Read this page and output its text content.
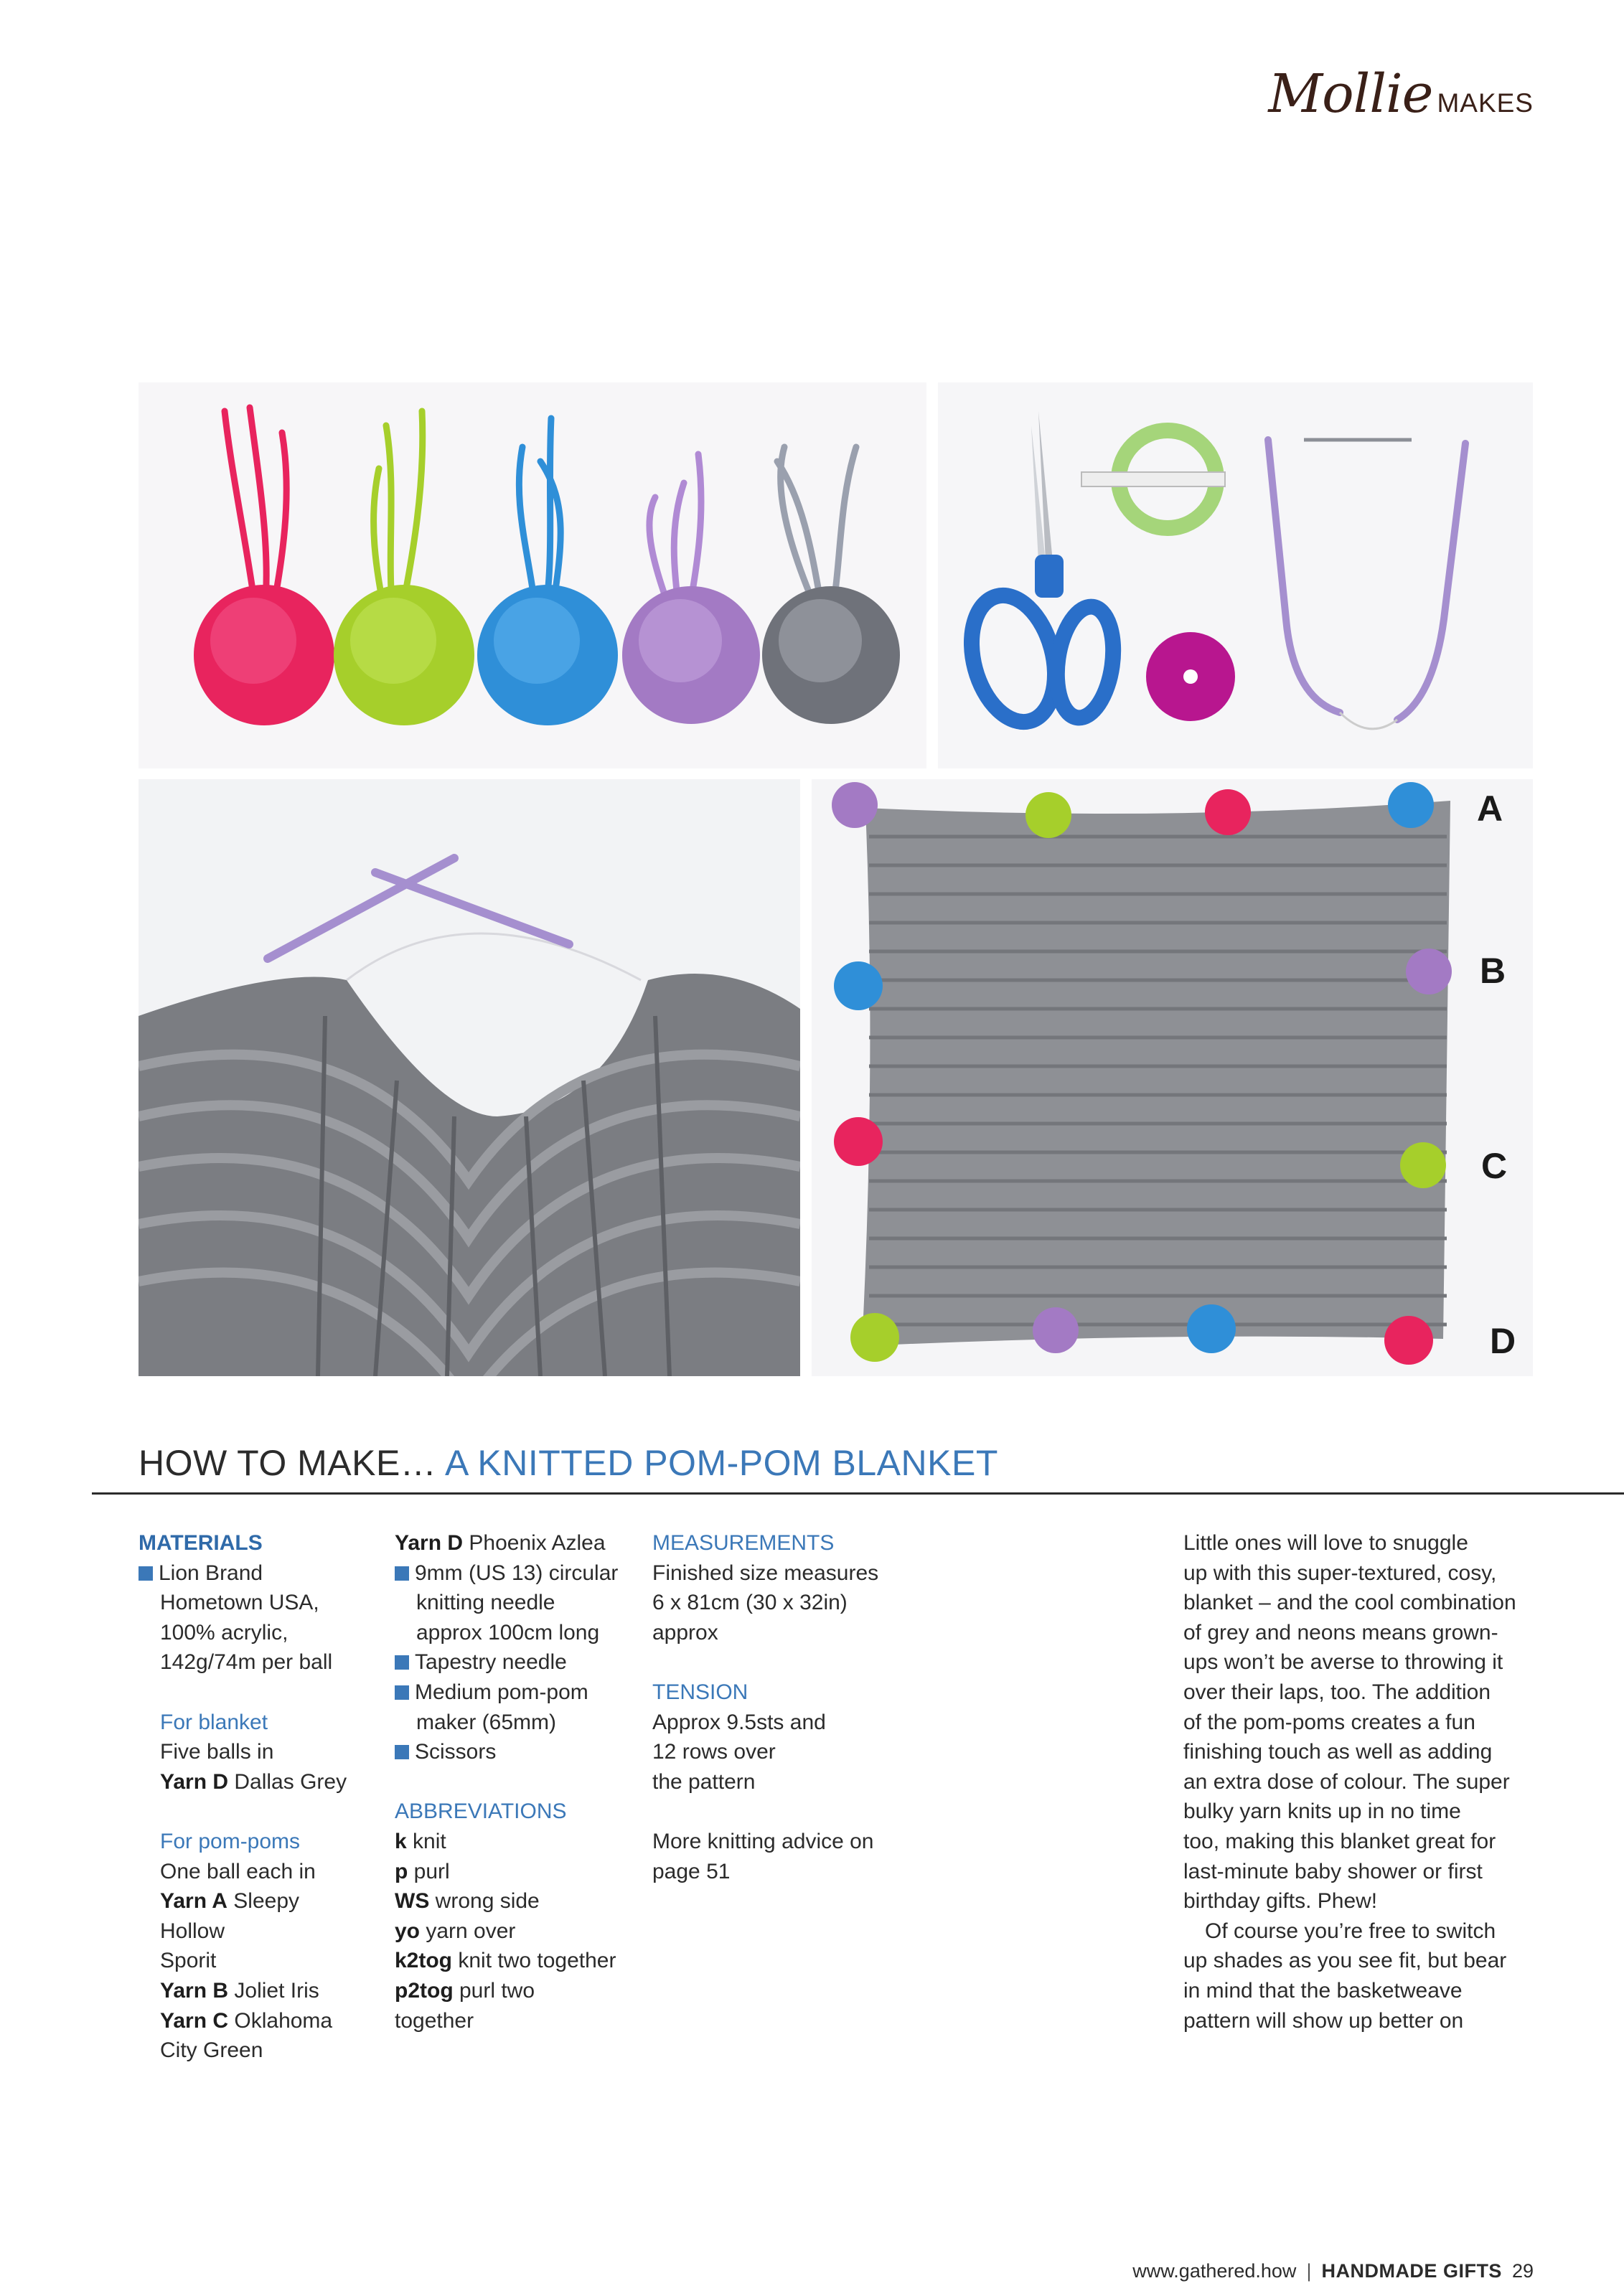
Mollie MAKES
A
B
C
D
HOW TO MAKE… A KNITTED POM-POM BLANKET

MATERIALS

Lion Brand

Hometown USA,

100% acrylic,

142g/74m per ball

For blanket

Five balls in

Yarn D Dallas Grey

For pom-poms

One ball each in

Yarn A Sleepy Hollow

Sporit

Yarn B Joliet Iris

Yarn C Oklahoma

City Green

Yarn D Phoenix Azlea

9mm (US 13) circular

knitting needle

approx 100cm long

Tapestry needle

Medium pom-pom

maker (65mm)

Scissors

ABBREVIATIONS

k knit

p purl

WS wrong side

yo yarn over

k2tog knit two together

p2tog purl two

together

MEASUREMENTS

Finished size measures

6 x 81cm (30 x 32in)

approx

TENSION

Approx 9.5sts and

12 rows over

the pattern

More knitting advice on

page 51

Little ones will love to snuggle

up with this super-textured, cosy,

blanket – and the cool combination

of grey and neons means grown-

ups won’t be averse to throwing it

over their laps, too. The addition

of the pom-poms creates a fun

finishing touch as well as adding

an extra dose of colour. The super

bulky yarn knits up in no time

too, making this blanket great for

last-minute baby shower or first

birthday gifts. Phew!

Of course you’re free to switch

up shades as you see fit, but bear

in mind that the basketweave

pattern will show up better on

www.gathered.how | HANDMADE GIFTS 29
